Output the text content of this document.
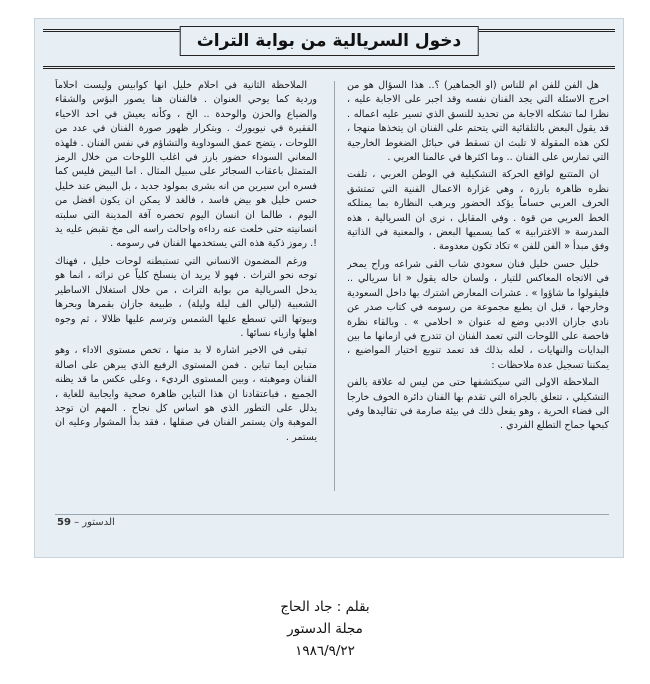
دخول السريالية من بوابة التراث

هل الفن للفن ام للناس (او الجماهير) ؟.. هذا السؤال هو من احرج الاسئلة التي يجد الفنان نفسه وقد اجبر على الاجابة عليه ، نظرا لما تشكله الاجابة من تحديد للنسق الذي تسير عليه اعماله . قد يقول البعض بالتلقائية التي يتحتم على الفنان ان يتخذها منهجا ، لكن هذه المقولة لا تلبث ان تسقط في حبائل الضغوط الخارجية التي تمارس على الفنان .. وما اكثرها في عالمنا العربي .

ان المتتبع لواقع الحركة التشكيلية في الوطن العربي ، تلفت نظره ظاهرة بارزة ، وهي غزارة الاعمال الفنية التي تمتشق الحرف العربي حساماً يؤكد الحضور ويرهب النظارة بما يمتلكه الخط العربي من قوة . وفي المقابل ، نرى ان السريالية ، هذه المدرسة « الاغترابية » كما يسميها البعض ، والمعنية في الذاتية وفق مبدأ « الفن للفن » تكاد تكون معدومة .

خليل حسن خليل فنان سعودي شاب القى شراعه وراح يمخر في الاتجاه المعاكس للتيار ، ولسان حاله يقول « انا سريالي .. فليقولوا ما شاؤوا » . عشرات المعارض اشترك بها داخل السعودية وخارجها ، قبل ان يطبع مجموعة من رسومه في كتاب صدر عن نادي جازان الادبي وضع له عنوان « احلامي » . وبالقاء نظرة فاحصة على اللوحات التي تعمد الفنان ان تتدرج في ازمانها ما بين البدايات والنهايات ، لعله بذلك قد تعمد تنويع اختيار المواضيع ، يمكننا تسجيل عدة ملاحظات :

الملاحظة الاولى التي سيكتشفها حتى من ليس له علاقة بالفن التشكيلي ، تتعلق بالجراة التي تقدم بها الفنان دائرة الخوف خارجا الى فضاء الحرية ، وهو يفعل ذلك في بيئة صارمة في تقاليدها وفي كبحها جماح التطلع الفردي .

الملاحظة الثانية في احلام خليل انها كوابيس وليست احلاماً وردية كما يوحي العنوان . فالفنان هنا يصور البؤس والشقاء والضياع والحزن والوحدة .. الخ ، وكأنه يعيش في احد الاحياء الفقيرة في نيويورك . وبتكرار ظهور صورة الفنان في عدد من اللوحات ، يتضح عمق السوداوية والتشاؤم في نفس الفنان . فلهذه المعاني السوداء حضور بارز في اغلب اللوحات من خلال الرمز المتمثل باعقاب السجائر على سبيل المثال . اما البيض فليس كما فسره ابن سيرين من انه بشرى بمولود جديد ، بل البيض عند خليل حسن خليل هو بيض فاسد ، فالغد لا يمكن ان يكون افضل من اليوم ، طالما ان انسان اليوم تحصره آفة المدينة التي سلبته انسانيته حتى خلعت عنه رداءه واحالت راسه الى مخ تقبض عليه يد !. رموز ذكية هذه التي يستخدمها الفنان في رسومه .

ورغم المضمون الانساني التي تستبطنه لوحات خليل ، فهناك توجه نحو التراث . فهو لا يريد ان ينسلخ كلياً عن تراثه ، انما هو يدخل السريالية من بوابة التراث ، من خلال استغلال الاساطير الشعبية (ليالي الف ليلة وليلة) ، طبيعة جازان بقمرها وبحرها وبيوتها التي تسطع عليها الشمس وترسم عليها ظلالا ، ثم وجوه اهلها وازياء نسائها .

تبقى في الاخير اشارة لا بد منها ، تخص مستوى الاداء ، وهو متباين ايما تباين . فمن المستوى الرفيع الذي يبرهن على اصالة الفنان وموهبته ، وبين المستوى الرديء ، وعلى عكس ما قد يظنه الجميع ، فباعتقادنا ان هذا التباين ظاهرة صحية وايجابية للغاية ، يدلل على التطور الذي هو اساس كل نجاح . المهم ان توجد الموهبة وان يستمر الفنان في صقلها ، فقد بدأ المشوار وعليه ان يستمر .

الدستور – 59
بقلم : جاد الحاج
مجلة الدستور
١٩٨٦/٩/٢٢
